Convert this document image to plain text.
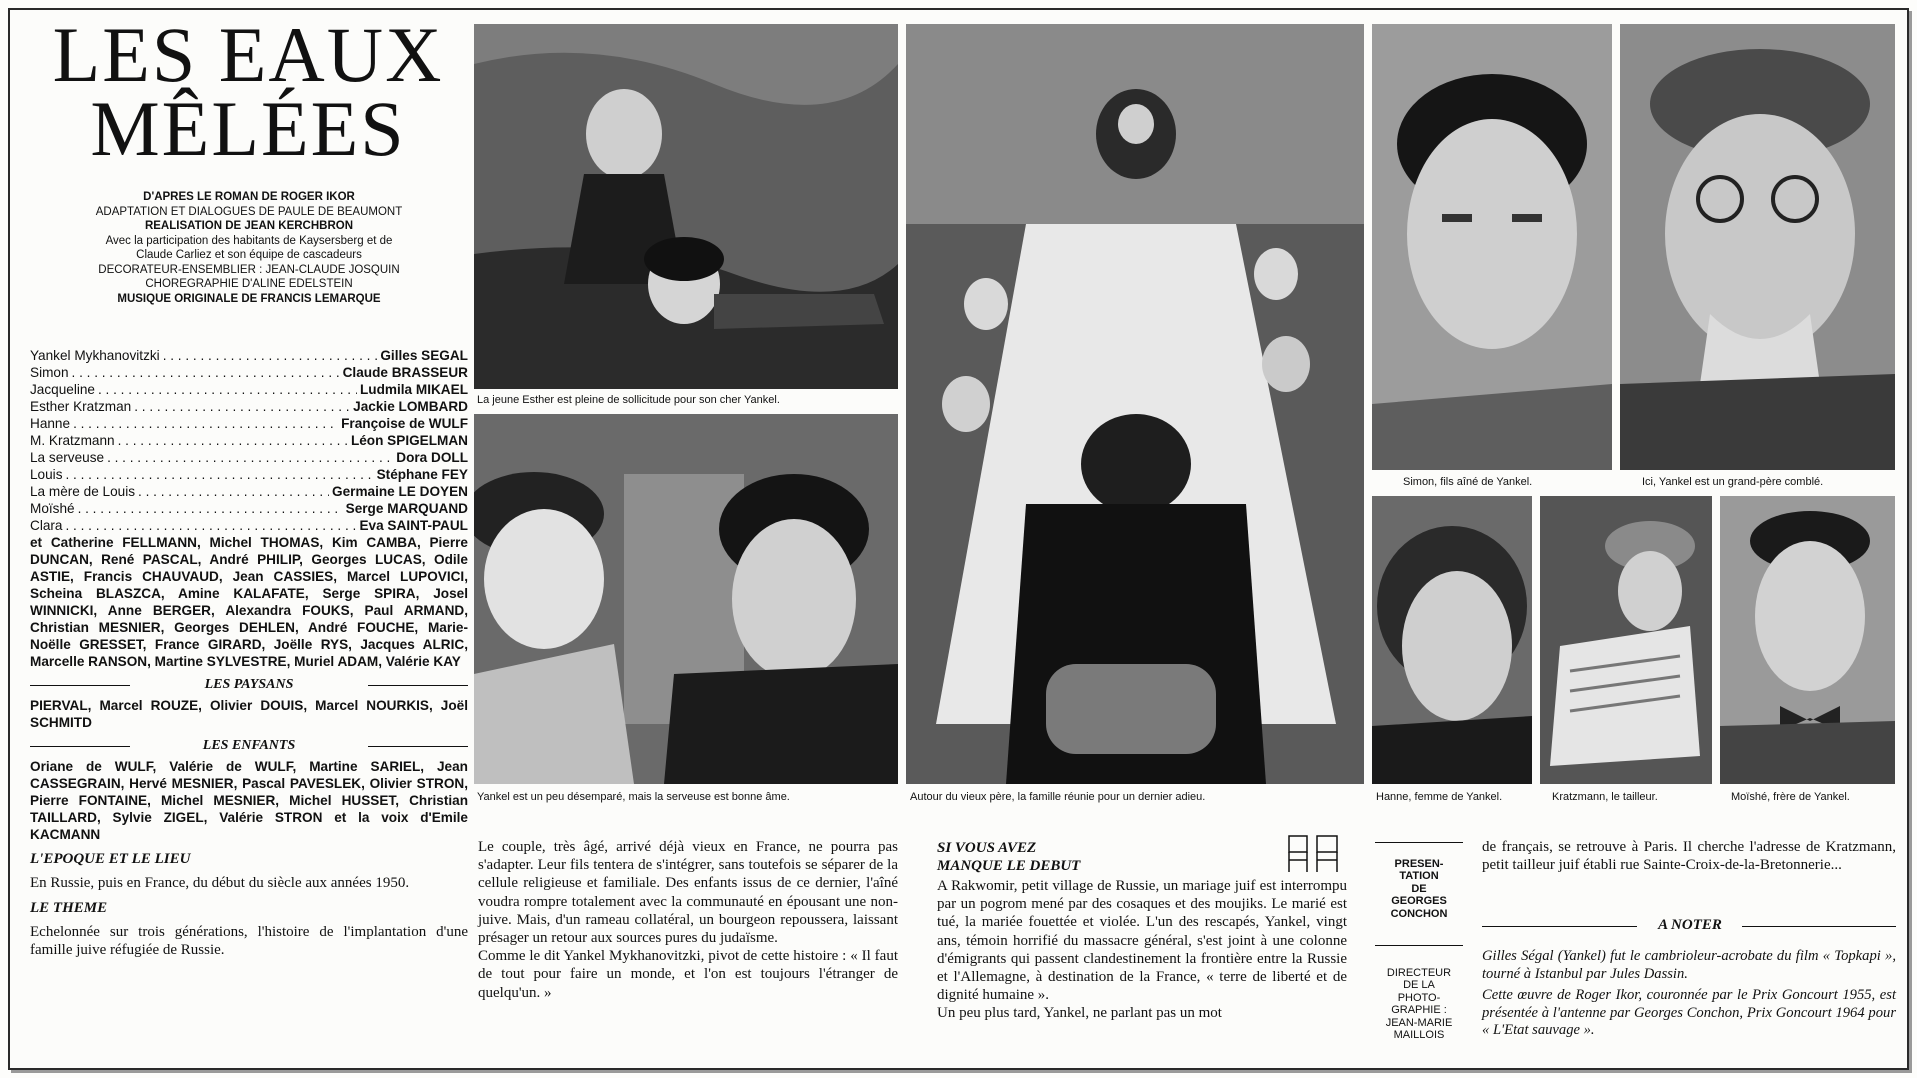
LES EAUX
MÊLÉES
D'APRES LE ROMAN DE ROGER IKOR
ADAPTATION ET DIALOGUES DE PAULE DE BEAUMONT
REALISATION DE JEAN KERCHBRON
Avec la participation des habitants de Kaysersberg et de
Claude Carliez et son équipe de cascadeurs
DECORATEUR-ENSEMBLIER : JEAN-CLAUDE JOSQUIN
CHOREGRAPHIE D'ALINE EDELSTEIN
MUSIQUE ORIGINALE DE FRANCIS LEMARQUE
Yankel Mykhanovitzki . . .	Gilles SEGAL
Simon . . .	Claude BRASSEUR
Jacqueline . . .	Ludmila MIKAEL
Esther Kratzman . . .	Jackie LOMBARD
Hanne . . .	Françoise de WULF
M. Kratzmann . . .	Léon SPIGELMAN
La serveuse . . .	Dora DOLL
Louis . . .	Stéphane FEY
La mère de Louis . . .	Germaine LE DOYEN
Moïshé . . .	Serge MARQUAND
Clara . . .	Eva SAINT-PAUL
et Catherine FELLMANN, Michel THOMAS, Kim CAMBA, Pierre DUNCAN, René PASCAL, André PHILIP, Georges LUCAS, Odile ASTIE, Francis CHAUVAUD, Jean CASSIES, Marcel LUPOVICI, Scheina BLASZCA, Amine KALAFATE, Serge SPIRA, Josel WINNICKI, Anne BERGER, Alexandra FOUKS, Paul ARMAND, Christian MESNIER, Georges DEHLEN, André FOUCHE, Marie-Noëlle GRESSET, France GIRARD, Joëlle RYS, Jacques ALRIC, Marcelle RANSON, Martine SYLVESTRE, Muriel ADAM, Valérie KAY
LES PAYSANS
PIERVAL, Marcel ROUZE, Olivier DOUIS, Marcel NOURKIS, Joël SCHMITD
LES ENFANTS
Oriane de WULF, Valérie de WULF, Martine SARIEL, Jean CASSEGRAIN, Hervé MESNIER, Pascal PAVESLEK, Olivier STRON, Pierre FONTAINE, Michel MESNIER, Michel HUSSET, Christian TAILLARD, Sylvie ZIGEL, Valérie STRON et la voix d'Emile KACMANN
L'EPOQUE ET LE LIEU
En Russie, puis en France, du début du siècle aux années 1950.
LE THEME
Echelonnée sur trois générations, l'histoire de l'implantation d'une famille juive réfugiée de Russie.
La jeune Esther est pleine de sollicitude pour son cher Yankel.
Yankel est un peu désemparé, mais la serveuse est bonne âme.	Autour du vieux père, la famille réunie pour un dernier adieu.
Simon, fils aîné de Yankel.	Ici, Yankel est un grand-père comblé.
Hanne, femme de Yankel.	Kratzmann, le tailleur.	Moïshé, frère de Yankel.
Le couple, très âgé, arrivé déjà vieux en France, ne pourra pas s'adapter. Leur fils tentera de s'intégrer, sans toutefois se séparer de la cellule religieuse et familiale. Des enfants issus de ce dernier, l'aîné voudra rompre totalement avec la communauté en épousant une non-juive. Mais, d'un rameau collatéral, un bourgeon repoussera, laissant présager un retour aux sources pures du judaïsme.
Comme le dit Yankel Mykhanovitzki, pivot de cette histoire : « Il faut de tout pour faire un monde, et l'on est toujours l'étranger de quelqu'un. »
SI VOUS AVEZ
MANQUE LE DEBUT
A Rakwomir, petit village de Russie, un mariage juif est interrompu par un pogrom mené par des cosaques et des moujiks. Le marié est tué, la mariée fouettée et violée. L'un des rescapés, Yankel, vingt ans, témoin horrifié du massacre général, s'est joint à une colonne d'émigrants qui passent clandestinement la frontière entre la Russie et l'Allemagne, à destination de la France, « terre de liberté et de dignité humaine ».
Un peu plus tard, Yankel, ne parlant pas un mot
PRESEN-
TATION
DE
GEORGES
CONCHON
DIRECTEUR
DE LA
PHOTO-
GRAPHIE :
JEAN-MARIE
MAILLOIS
de français, se retrouve à Paris. Il cherche l'adresse de Kratzmann, petit tailleur juif établi rue Sainte-Croix-de-la-Bretonnerie...
A NOTER
Gilles Ségal (Yankel) fut le cambrioleur-acrobate du film « Topkapi », tourné à Istanbul par Jules Dassin.
Cette œuvre de Roger Ikor, couronnée par le Prix Goncourt 1955, est présentée à l'antenne par Georges Conchon, Prix Goncourt 1964 pour « L'Etat sauvage ».
